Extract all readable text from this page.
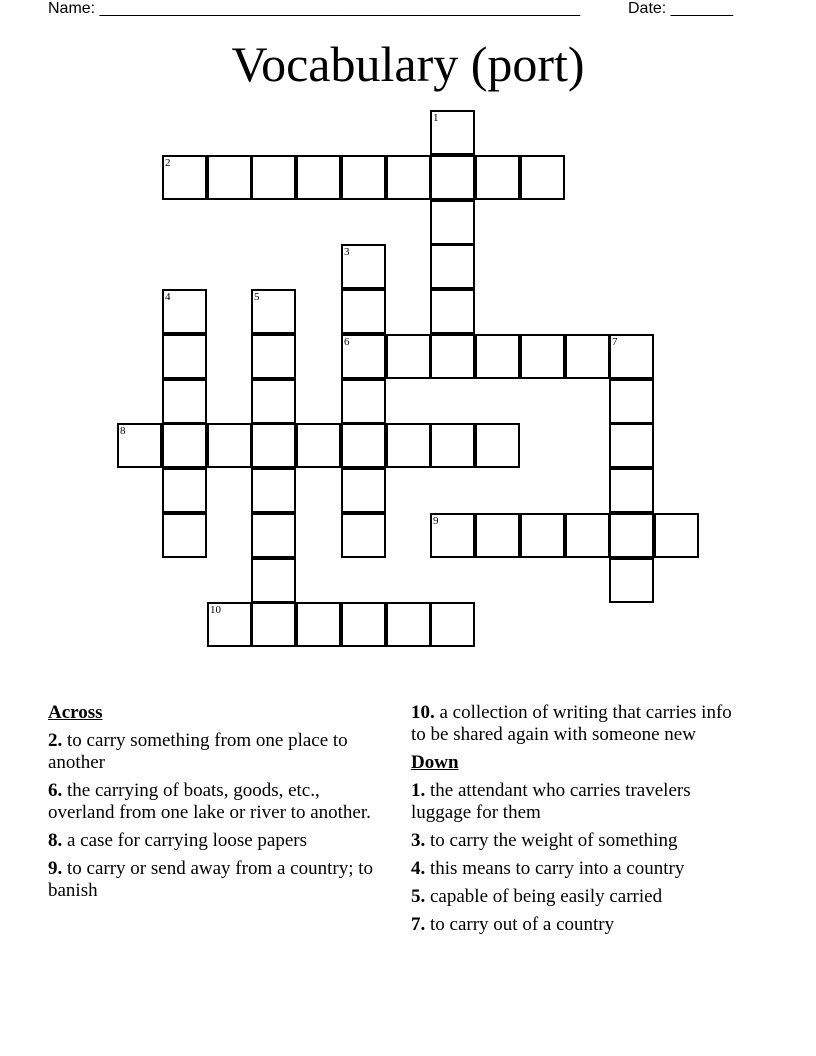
Name: ______________________________________________________	Date: _______
Vocabulary (port)
1
2
3
4	5
6	7
8
9
10
Across
2. to carry something from one place to another
6. the carrying of boats, goods, etc., overland from one lake or river to another.
8. a case for carrying loose papers
9. to carry or send away from a country; to banish
10. a collection of writing that carries info to be shared again with someone new
Down
1. the attendant who carries travelers luggage for them
3. to carry the weight of something
4. this means to carry into a country
5. capable of being easily carried
7. to carry out of a country
